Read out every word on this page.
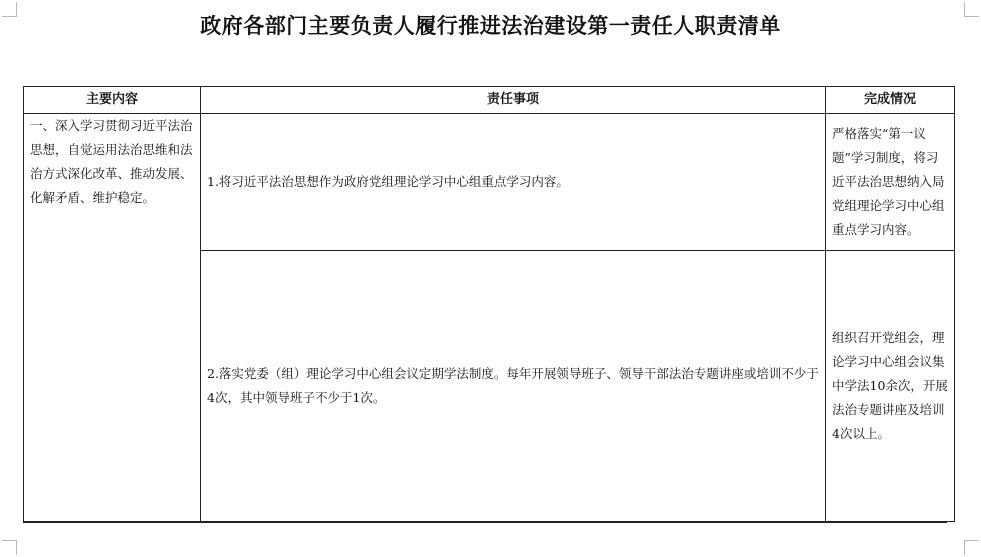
政府各部门主要负责人履行推进法治建设第一责任人职责清单
主要内容	责任事项	完成情况
一、深入学习贯彻习近平法治思想，自觉运用法治思维和法治方式深化改革、推动发展、化解矛盾、维护稳定。	1.将习近平法治思想作为政府党组理论学习中心组重点学习内容。	严格落实“第一议题”学习制度，将习近平法治思想纳入局党组理论学习中心组重点学习内容。
	2.落实党委（组）理论学习中心组会议定期学法制度。每年开展领导班子、领导干部法治专题讲座或培训不少于4次，其中领导班子不少于1次。	组织召开党组会，理论学习中心组会议集中学法10余次，开展法治专题讲座及培训4次以上。
